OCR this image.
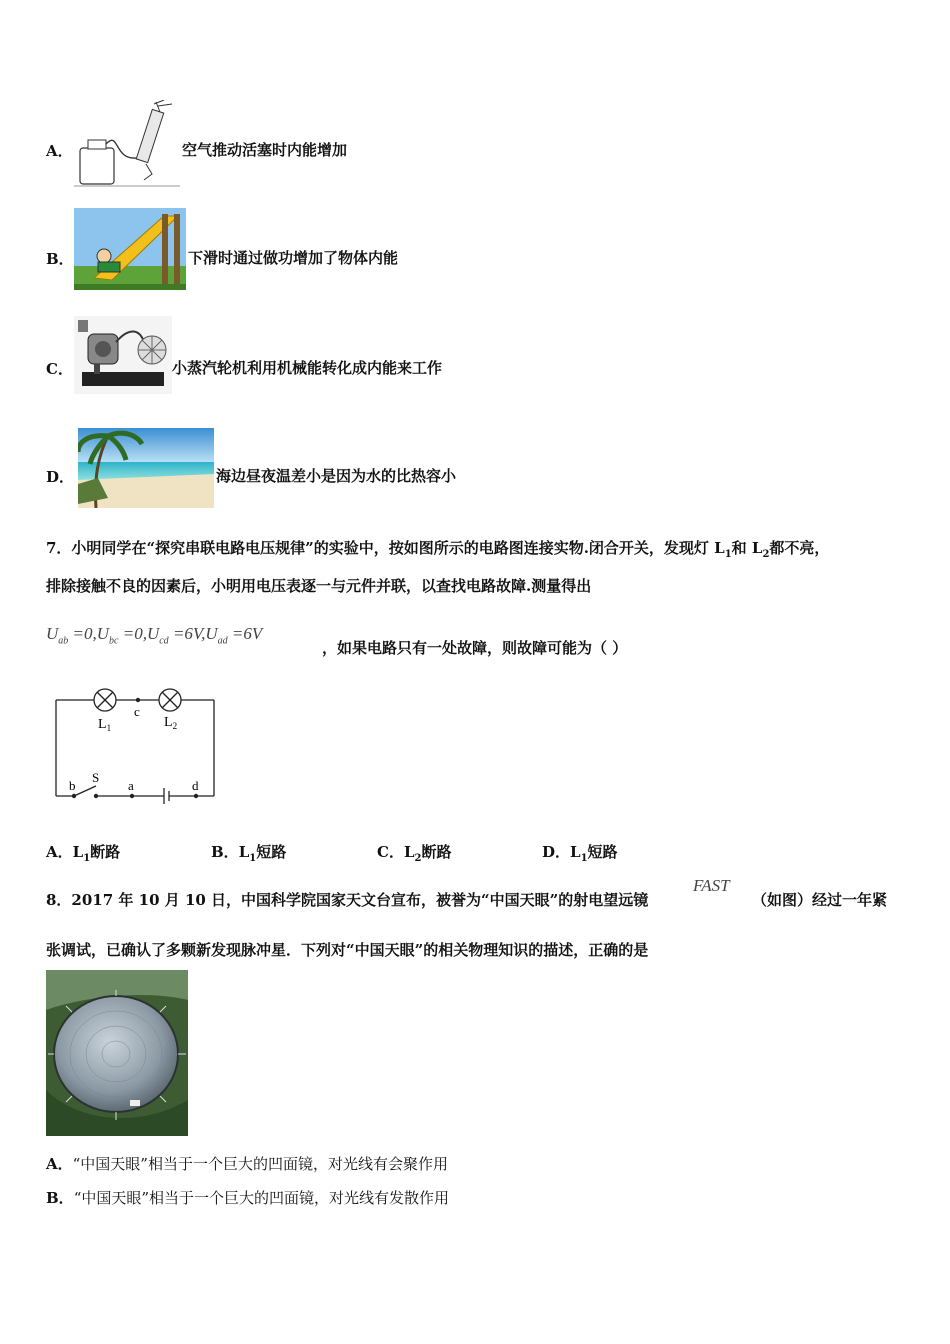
A．	空气推动活塞时内能增加
B．	下滑时通过做功增加了物体内能
C．	小蒸汽轮机利用机械能转化成内能来工作
D．	海边昼夜温差小是因为水的比热容小
7．小明同学在“探究串联电路电压规律”的实验中，按如图所示的电路图连接实物.闭合开关，发现灯 $L_1$和 $L_2$都不亮，
排除接触不良的因素后，小明用电压表逐一与元件并联，以查找电路故障.测量得出
$U_{ab} =0,U_{bc} =0,U_{cd} =6V,U_{ad} =6V$
，如果电路只有一处故障，则故障可能为（ ）
$L_1$
c
$L_2$
b
S
a	d
A．$L_1$断路	B．$L_1$短路	C．$L_2$断路	D．$L_1$短路
8．2017 年 10 月 10 日，中国科学院国家天文台宣布，被誉为“中国天眼”的射电望远镜
FAST
（如图）经过一年紧
张调试，已确认了多颗新发现脉冲星．下列对“中国天眼”的相关物理知识的描述，正确的是
A．“中国天眼”相当于一个巨大的凹面镜，对光线有会聚作用
B．“中国天眼”相当于一个巨大的凹面镜，对光线有发散作用
